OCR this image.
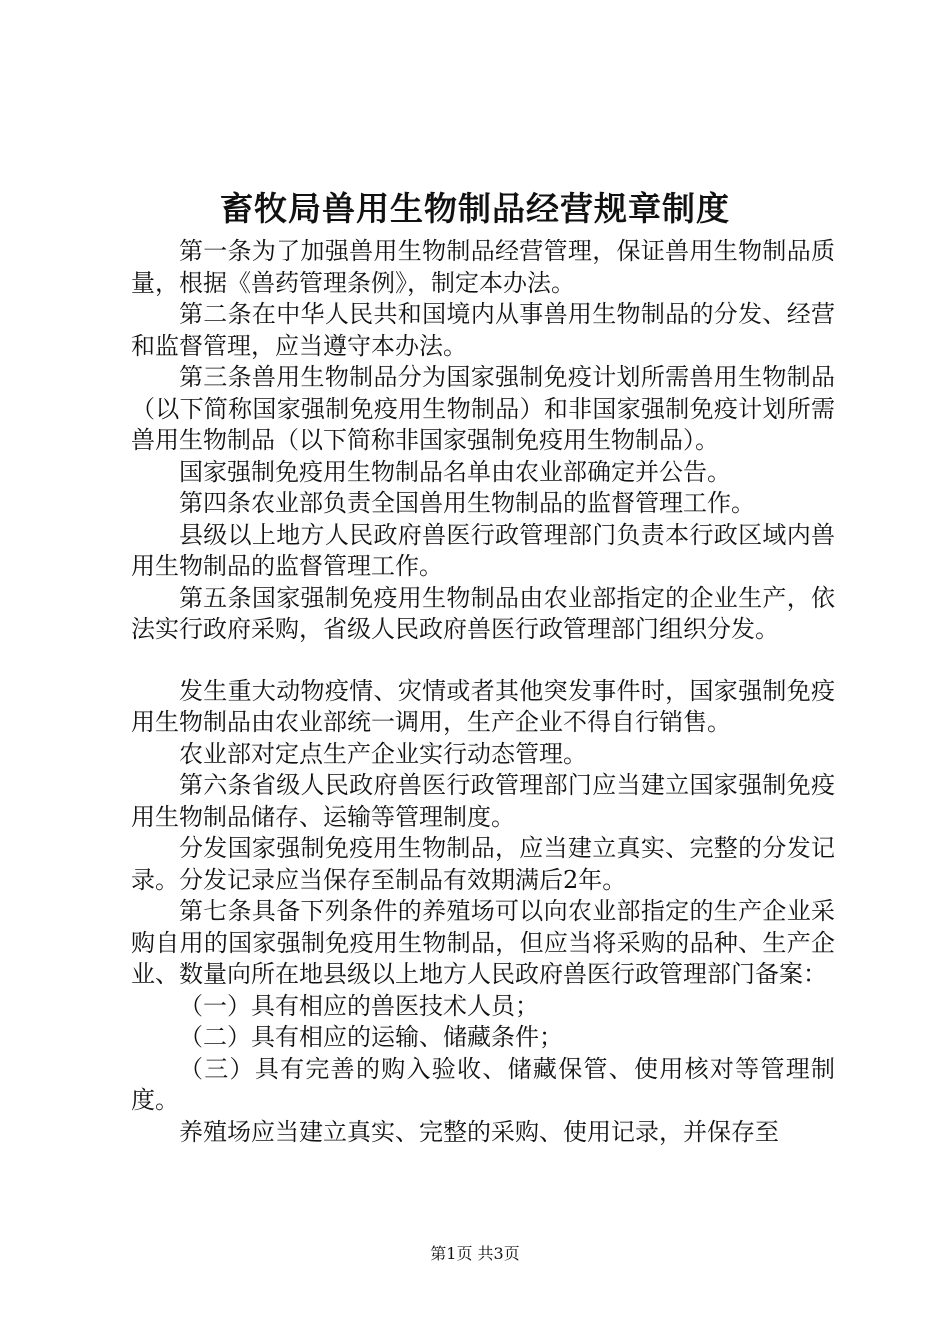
畜牧局兽用生物制品经营规章制度

第一条为了加强兽用生物制品经营管理，保证兽用生物制品质量，根据《兽药管理条例》，制定本办法。

第二条在中华人民共和国境内从事兽用生物制品的分发、经营和监督管理，应当遵守本办法。

第三条兽用生物制品分为国家强制免疫计划所需兽用生物制品（以下简称国家强制免疫用生物制品）和非国家强制免疫计划所需兽用生物制品（以下简称非国家强制免疫用生物制品）。

国家强制免疫用生物制品名单由农业部确定并公告。

第四条农业部负责全国兽用生物制品的监督管理工作。

县级以上地方人民政府兽医行政管理部门负责本行政区域内兽用生物制品的监督管理工作。

第五条国家强制免疫用生物制品由农业部指定的企业生产，依法实行政府采购，省级人民政府兽医行政管理部门组织分发。

发生重大动物疫情、灾情或者其他突发事件时，国家强制免疫用生物制品由农业部统一调用，生产企业不得自行销售。

农业部对定点生产企业实行动态管理。

第六条省级人民政府兽医行政管理部门应当建立国家强制免疫用生物制品储存、运输等管理制度。

分发国家强制免疫用生物制品，应当建立真实、完整的分发记录。分发记录应当保存至制品有效期满后2年。

第七条具备下列条件的养殖场可以向农业部指定的生产企业采购自用的国家强制免疫用生物制品，但应当将采购的品种、生产企业、数量向所在地县级以上地方人民政府兽医行政管理部门备案：

（一）具有相应的兽医技术人员；

（二）具有相应的运输、储藏条件；

（三）具有完善的购入验收、储藏保管、使用核对等管理制度。

养殖场应当建立真实、完整的采购、使用记录，并保存至

第1页 共3页
